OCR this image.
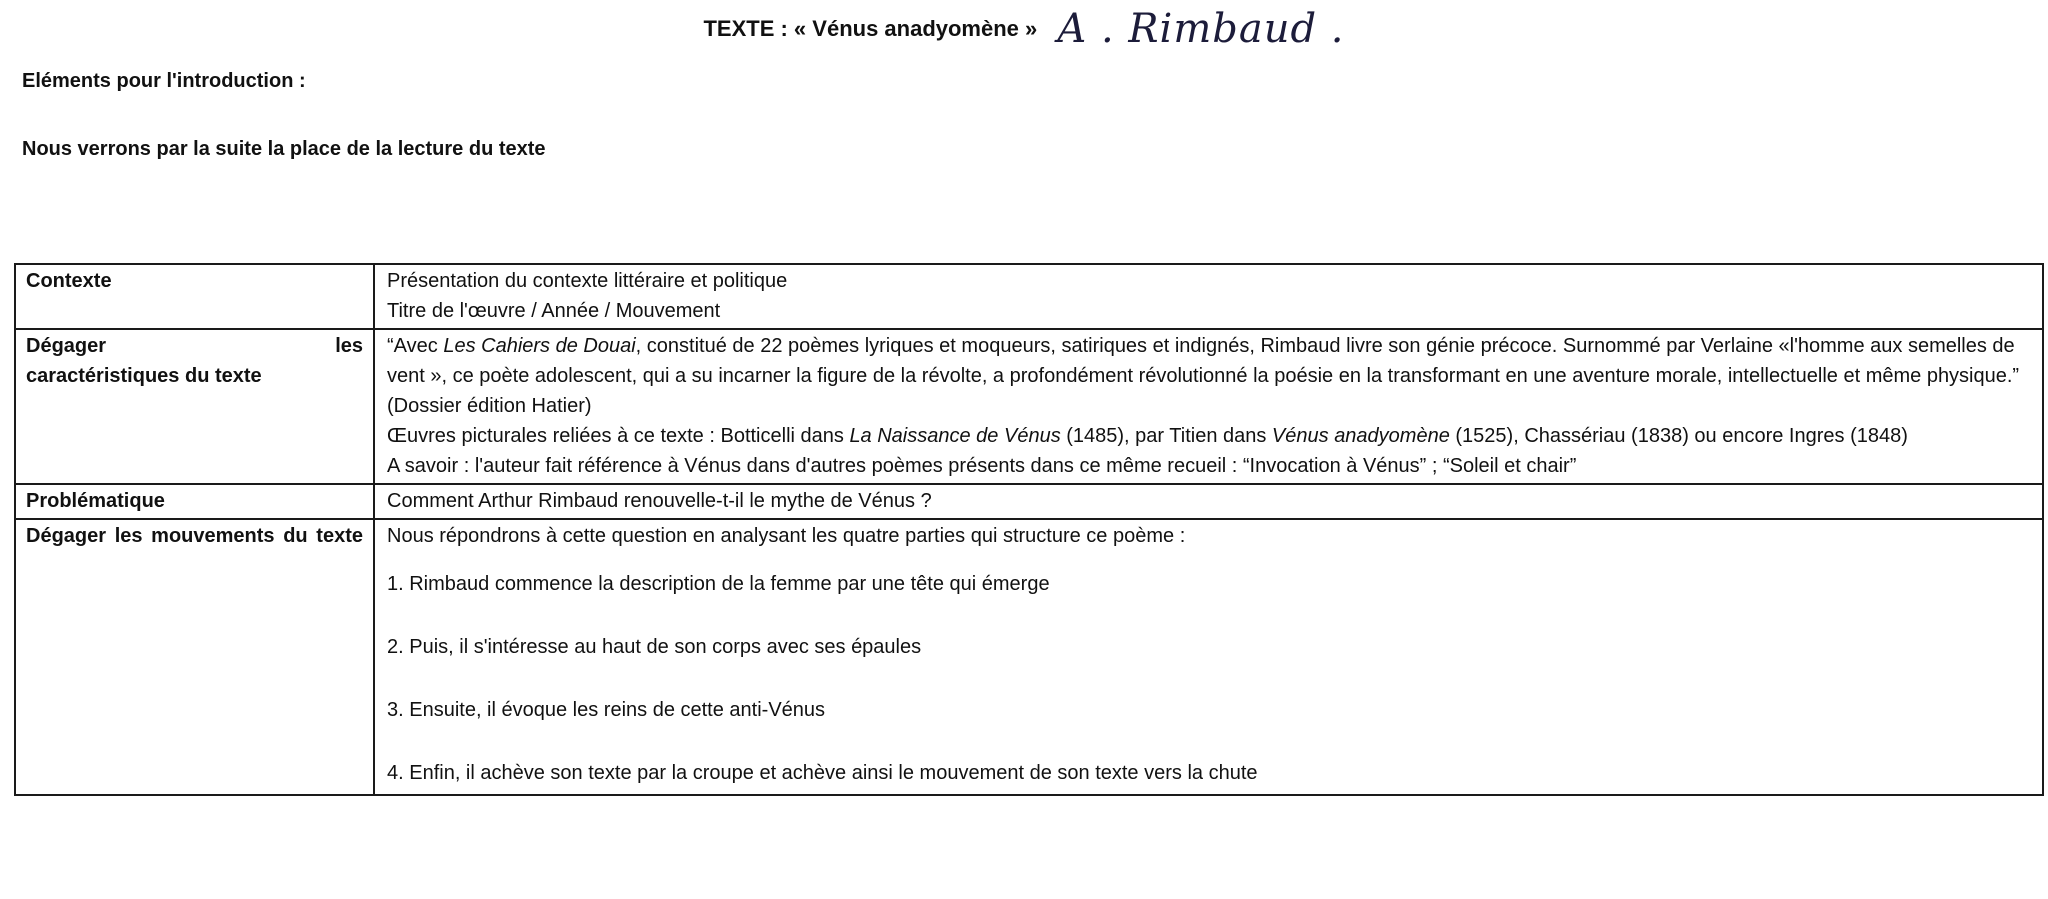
TEXTE : « Vénus anadyomène » A . Rimbaud .
Eléments pour l'introduction :
Nous verrons par la suite la place de la lecture du texte
Contexte	Présentation du contexte littéraire et politique
Titre de l'œuvre / Année / Mouvement

Dégager les
caractéristiques du texte	“Avec Les Cahiers de Douai, constitué de 22 poèmes lyriques et moqueurs, satiriques et indignés, Rimbaud livre son génie précoce. Surnommé par Verlaine «l'homme aux semelles de vent », ce poète adolescent, qui a su incarner la figure de la révolte, a profondément révolutionné la poésie en la transformant en une aventure morale, intellectuelle et même physique.” (Dossier édition Hatier)
Œuvres picturales reliées à ce texte : Botticelli dans La Naissance de Vénus (1485), par Titien dans Vénus anadyomène (1525), Chassériau (1838) ou encore Ingres (1848)
A savoir : l'auteur fait référence à Vénus dans d'autres poèmes présents dans ce même recueil : “Invocation à Vénus” ; “Soleil et chair”

Problématique	Comment Arthur Rimbaud renouvelle-t-il le mythe de Vénus ?

Dégager les mouvements du texte	Nous répondrons à cette question en analysant les quatre parties qui structure ce poème :
1. Rimbaud commence la description de la femme par une tête qui émerge
2. Puis, il s'intéresse au haut de son corps avec ses épaules
3. Ensuite, il évoque les reins de cette anti-Vénus
4. Enfin, il achève son texte par la croupe et achève ainsi le mouvement de son texte vers la chute
